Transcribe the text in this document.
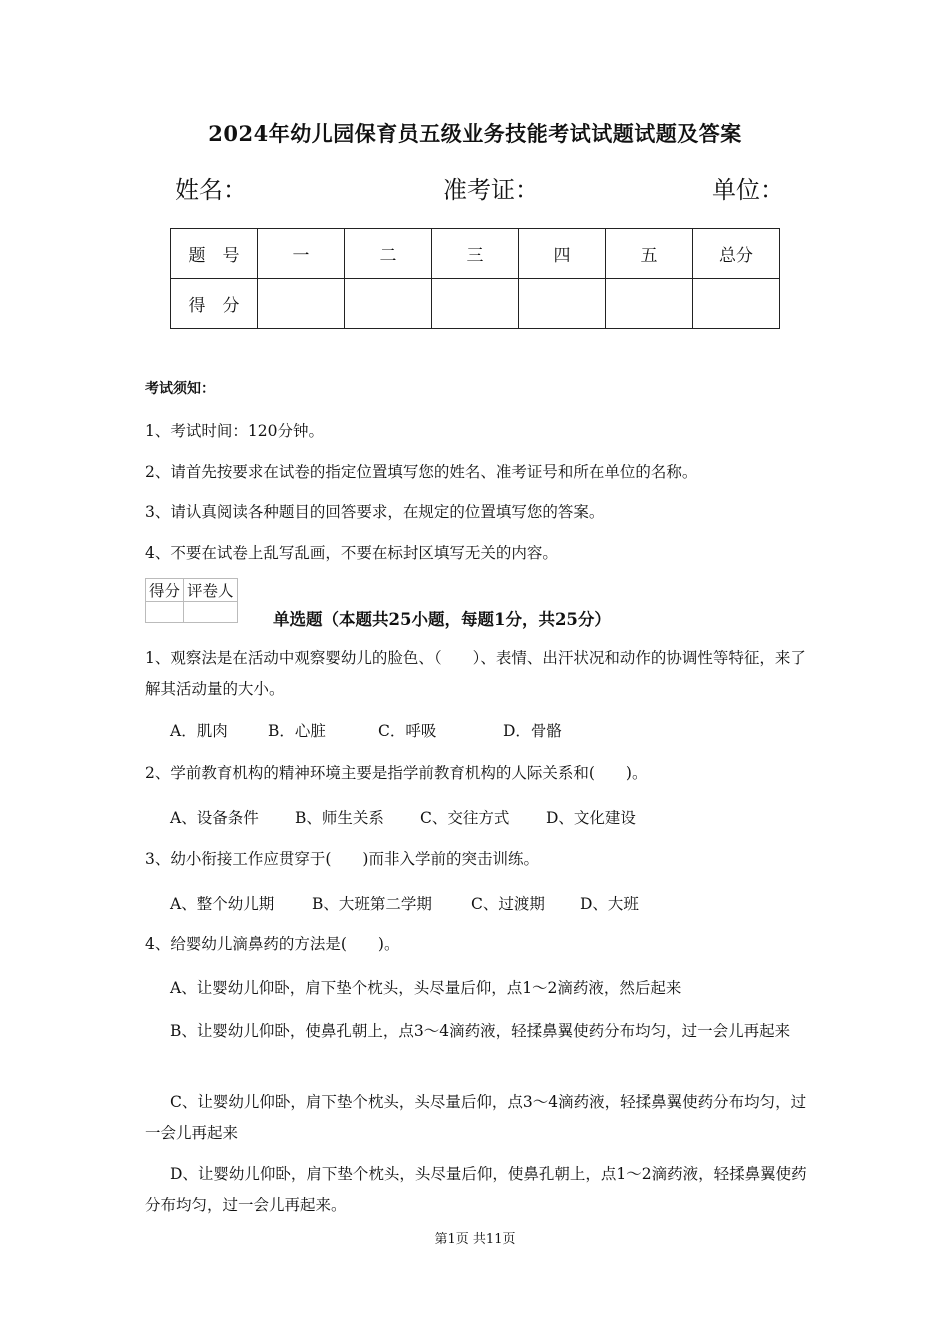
2024年幼儿园保育员五级业务技能考试试题试题及答案
姓名：	准考证：	单位：
题　号	一	二	三	四	五	总分
得　分						
考试须知：
1、考试时间：120分钟。
2、请首先按要求在试卷的指定位置填写您的姓名、准考证号和所在单位的名称。
3、请认真阅读各种题目的回答要求，在规定的位置填写您的答案。
4、不要在试卷上乱写乱画，不要在标封区填写无关的内容。
得分	评卷人

单选题（本题共25小题，每题1分，共25分）
1、观察法是在活动中观察婴幼儿的脸色、（　　）、表情、出汗状况和动作的协调性等特征，来了解其活动量的大小。
A．肌肉	B．心脏	C．呼吸	D．骨骼
2、学前教育机构的精神环境主要是指学前教育机构的人际关系和(　　)。
A、设备条件 B、师生关系 C、交往方式 D、文化建设
3、幼小衔接工作应贯穿于(　　)而非入学前的突击训练。
A、整个幼儿期 B、大班第二学期	C、过渡期 D、大班
4、给婴幼儿滴鼻药的方法是(　　)。
A、让婴幼儿仰卧，肩下垫个枕头，头尽量后仰，点1～2滴药液，然后起来
B、让婴幼儿仰卧，使鼻孔朝上，点3～4滴药液，轻揉鼻翼使药分布均匀，过一会儿再起来
C、让婴幼儿仰卧，肩下垫个枕头，头尽量后仰，点3～4滴药液，轻揉鼻翼使药分布均匀，过一会儿再起来
D、让婴幼儿仰卧，肩下垫个枕头，头尽量后仰，使鼻孔朝上，点1～2滴药液，轻揉鼻翼使药分布均匀，过一会儿再起来。
第1页 共11页
